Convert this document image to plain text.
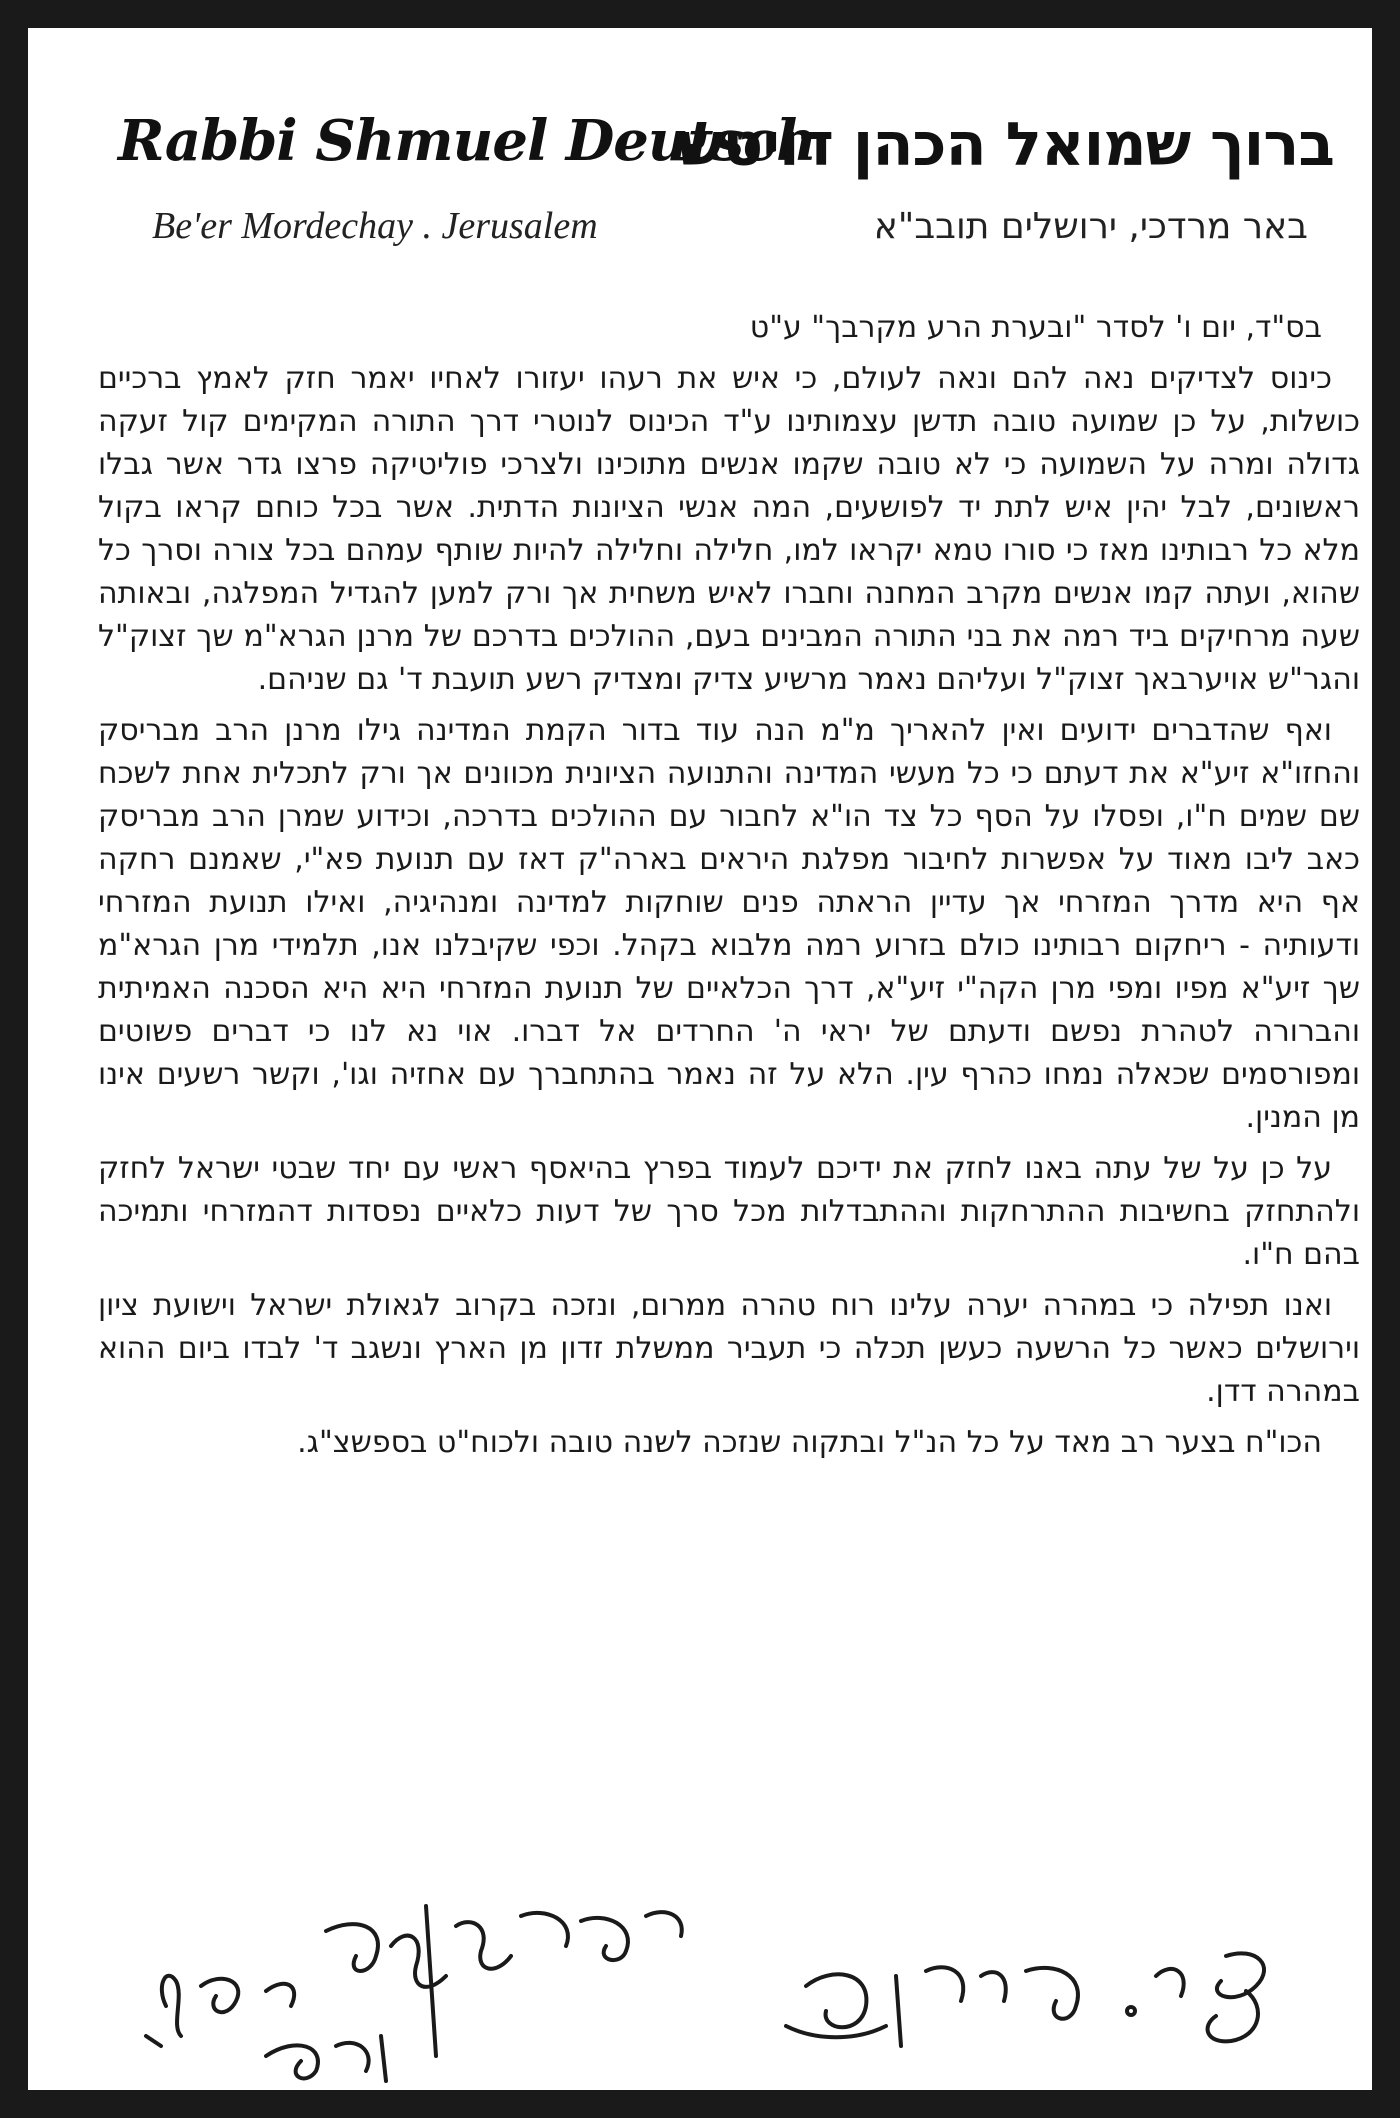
Rabbi Shmuel Deutsch
Be'er Mordechay . Jerusalem
ברוך שמואל הכהן דויטש
באר מרדכי, ירושלים תובב"א

בס"ד, יום ו' לסדר "ובערת הרע מקרבך" ע"ט

כינוס לצדיקים נאה להם ונאה לעולם, כי איש את רעהו יעזורו לאחיו יאמר חזק לאמץ ברכיים כושלות, על כן שמועה טובה תדשן עצמותינו ע"ד הכינוס לנוטרי דרך התורה המקימים קול זעקה גדולה ומרה על השמועה כי לא טובה שקמו אנשים מתוכינו ולצרכי פוליטיקה פרצו גדר אשר גבלו ראשונים, לבל יהין איש לתת יד לפושעים, המה אנשי הציונות הדתית. אשר בכל כוחם קראו בקול מלא כל רבותינו מאז כי סורו טמא יקראו למו, חלילה וחלילה להיות שותף עמהם בכל צורה וסרך כל שהוא, ועתה קמו אנשים מקרב המחנה וחברו לאיש משחית אך ורק למען להגדיל המפלגה, ובאותה שעה מרחיקים ביד רמה את בני התורה המבינים בעם, ההולכים בדרכם של מרנן הגרא"מ שך זצוק"ל והגר"ש אויערבאך זצוק"ל ועליהם נאמר מרשיע צדיק ומצדיק רשע תועבת ד' גם שניהם.

ואף שהדברים ידועים ואין להאריך מ"מ הנה עוד בדור הקמת המדינה גילו מרנן הרב מבריסק והחזו"א זיע"א את דעתם כי כל מעשי המדינה והתנועה הציונית מכוונים אך ורק לתכלית אחת לשכח שם שמים ח"ו, ופסלו על הסף כל צד הו"א לחבור עם ההולכים בדרכה, וכידוע שמרן הרב מבריסק כאב ליבו מאוד על אפשרות לחיבור מפלגת היראים בארה"ק דאז עם תנועת פא"י, שאמנם רחקה אף היא מדרך המזרחי אך עדיין הראתה פנים שוחקות למדינה ומנהיגיה, ואילו תנועת המזרחי ודעותיה - ריחקום רבותינו כולם בזרוע רמה מלבוא בקהל. וכפי שקיבלנו אנו, תלמידי מרן הגרא"מ שך זיע"א מפיו ומפי מרן הקה"י זיע"א, דרך הכלאיים של תנועת המזרחי היא היא הסכנה האמיתית והברורה לטהרת נפשם ודעתם של יראי ה' החרדים אל דברו. אוי נא לנו כי דברים פשוטים ומפורסמים שכאלה נמחו כהרף עין. הלא על זה נאמר בהתחברך עם אחזיה וגו', וקשר רשעים אינו מן המנין.

על כן על של עתה באנו לחזק את ידיכם לעמוד בפרץ בהיאסף ראשי עם יחד שבטי ישראל לחזק ולהתחזק בחשיבות ההתרחקות וההתבדלות מכל סרך של דעות כלאיים נפסדות דהמזרחי ותמיכה בהם ח"ו.

ואנו תפילה כי במהרה יערה עלינו רוח טהרה ממרום, ונזכה בקרוב לגאולת ישראל וישועת ציון וירושלים כאשר כל הרשעה כעשן תכלה כי תעביר ממשלת זדון מן הארץ ונשגב ד' לבדו ביום ההוא במהרה דדן.

הכו"ח בצער רב מאד על כל הנ"ל ובתקוה שנזכה לשנה טובה ולכוח"ט בספשצ"ג.
